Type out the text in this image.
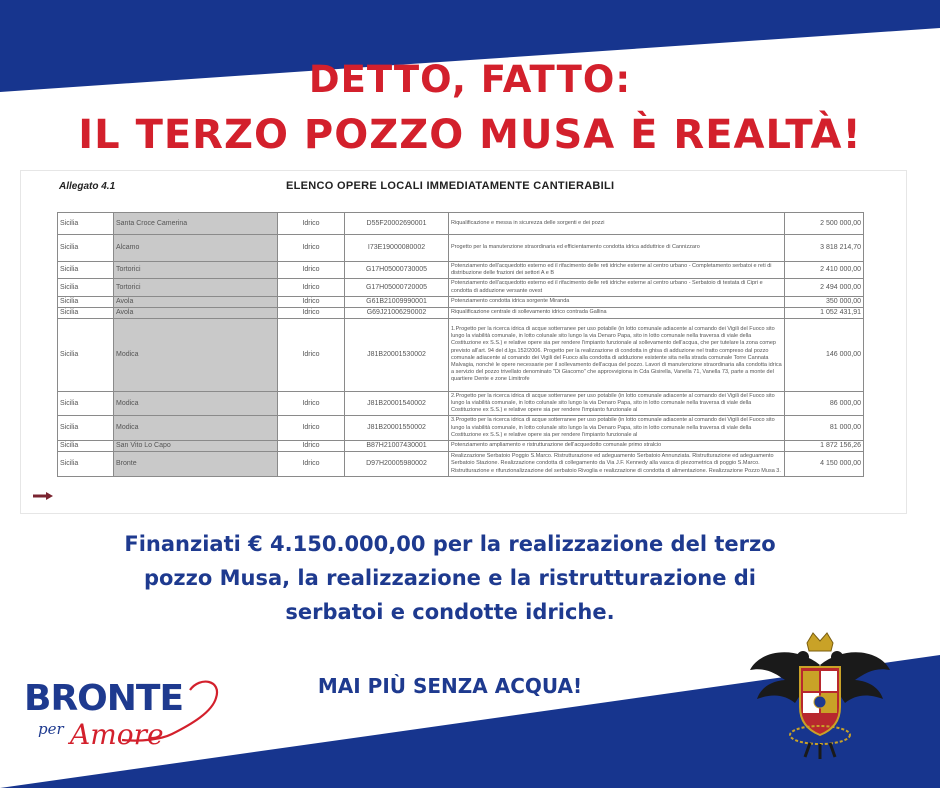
DETTO, FATTO:
IL TERZO POZZO MUSA È REALTÀ!
Allegato 4.1	ELENCO OPERE LOCALI IMMEDIATAMENTE CANTIERABILI
Sicilia	Santa Croce Camerina	Idrico	D55F20002690001	Riqualificazione e messa in sicurezza delle sorgenti e dei pozzi	2 500 000,00
Sicilia	Alcamo	Idrico	I73E19000080002	Progetto per la manutenzione straordinaria ed efficientamento condotta idrica adduttrice di Cannizzaro	3 818 214,70
Sicilia	Tortorici	Idrico	G17H05000730005	Potenziamento dell'acquedotto esterno ed il rifacimento delle reti idriche esterne al centro urbano - Completamento serbatoi e reti di distribuzione delle frazioni dei settori A e B	2 410 000,00
Sicilia	Tortorici	Idrico	G17H05000720005	Potenziamento dell'acquedotto esterno ed il rifacimento delle reti idriche esterne al centro urbano - Serbatoio di testata di Cipri e condotta di adduzione versante ovest	2 494 000,00
Sicilia	Avola	Idrico	G61B21009990001	Potenziamento condotta idrica sorgente Miranda	350 000,00
Sicilia	Avola	Idrico	G69J21006290002	Riqualificazione centrale di sollevamento idrico contrada Gallina	1 052 431,91
Sicilia	Modica	Idrico	J81B20001530002	1.Progetto per la ricerca idrica di acque sotterranee per uso potabile (in lotto comunale adiacente al comando dei Vigili del Fuoco sito lungo la viabilità comunale, in lotto colunale sito lungo la via Denaro Papa, sito in lotto comunale nella traversa di viale della Costituzione ex S.S.) e relative opere sia per rendere l'impianto funzionale al sollevamento dell'acqua, che per tutelare la zona comep previsto all'art. 94 del d.lgs.152/2006. Progetto per la realizzazione di condotta in ghisa di adduzione nel tratto compreso dal pozzo comunale adiacente al comando dei Vigili del Fuoco alla condotta di adduzione esistente sita nella strada comunale Torre Cannata Malvagia, nonché le opere necessarie per il sollevamento dell'acqua del pozzo. Lavori di manutenzione straordinaria alla condotta idrica a servizio del pozzo trivellato denominato "Di Giacomo" che approvvigiona in Cda Gisirella, Vanella 71, Vanella 73, parte a monte del quartiere Dente e zone Limitrofe	146 000,00
Sicilia	Modica	Idrico	J81B20001540002	2.Progetto per la ricerca idrica di acque sotterranee per uso potabile (in lotto comunale adiacente al comando dei Vigili del Fuoco sito lungo la viabilità comunale, in lotto colunale sito lungo la via Denaro Papa, sito in lotto comunale nella traversa di viale della Costituzione ex S.S.) e relative opere sia per rendere l'impianto funzionale al	86 000,00
Sicilia	Modica	Idrico	J81B20001550002	3.Progetto per la ricerca idrica di acque sotterranee per uso potabile (in lotto comunale adiacente al comando dei Vigili del Fuoco sito lungo la viabilità comunale, in lotto colunale sito lungo la via Denaro Papa, sito in lotto comunale nella traversa di viale della Costituzione ex S.S.) e relative opere sia per rendere l'impianto funzionale al	81 000,00
Sicilia	San Vito Lo Capo	Idrico	B87H21007430001	Potenziamento ampliamento e ristrutturazione dell'acquedotto comunale primo stralcio	1 872 156,26
Sicilia	Bronte	Idrico	D97H20005980002	Realizzazione Serbatoio Poggio S.Marco. Ristrutturazione ed adeguamento Serbatoio Annunziata. Ristrutturazione ed adeguamento Serbatoio Stazione. Realizzazione condotta di collegamento da Via J.F. Kennedy alla vasca di piezometrica di poggio S.Marco. Ristrutturazione e rifunzionalizzazione del serbatoio Rivoglia e realizzazione di condotta di alimentazione. Realizzazione Pozzo Musa 3.	4 150 000,00
Finanziati € 4.150.000,00 per la realizzazione del terzo
pozzo Musa, la realizzazione e la ristrutturazione di
serbatoi e condotte idriche.
MAI PIÙ SENZA ACQUA!
BRONTE
per Amore
